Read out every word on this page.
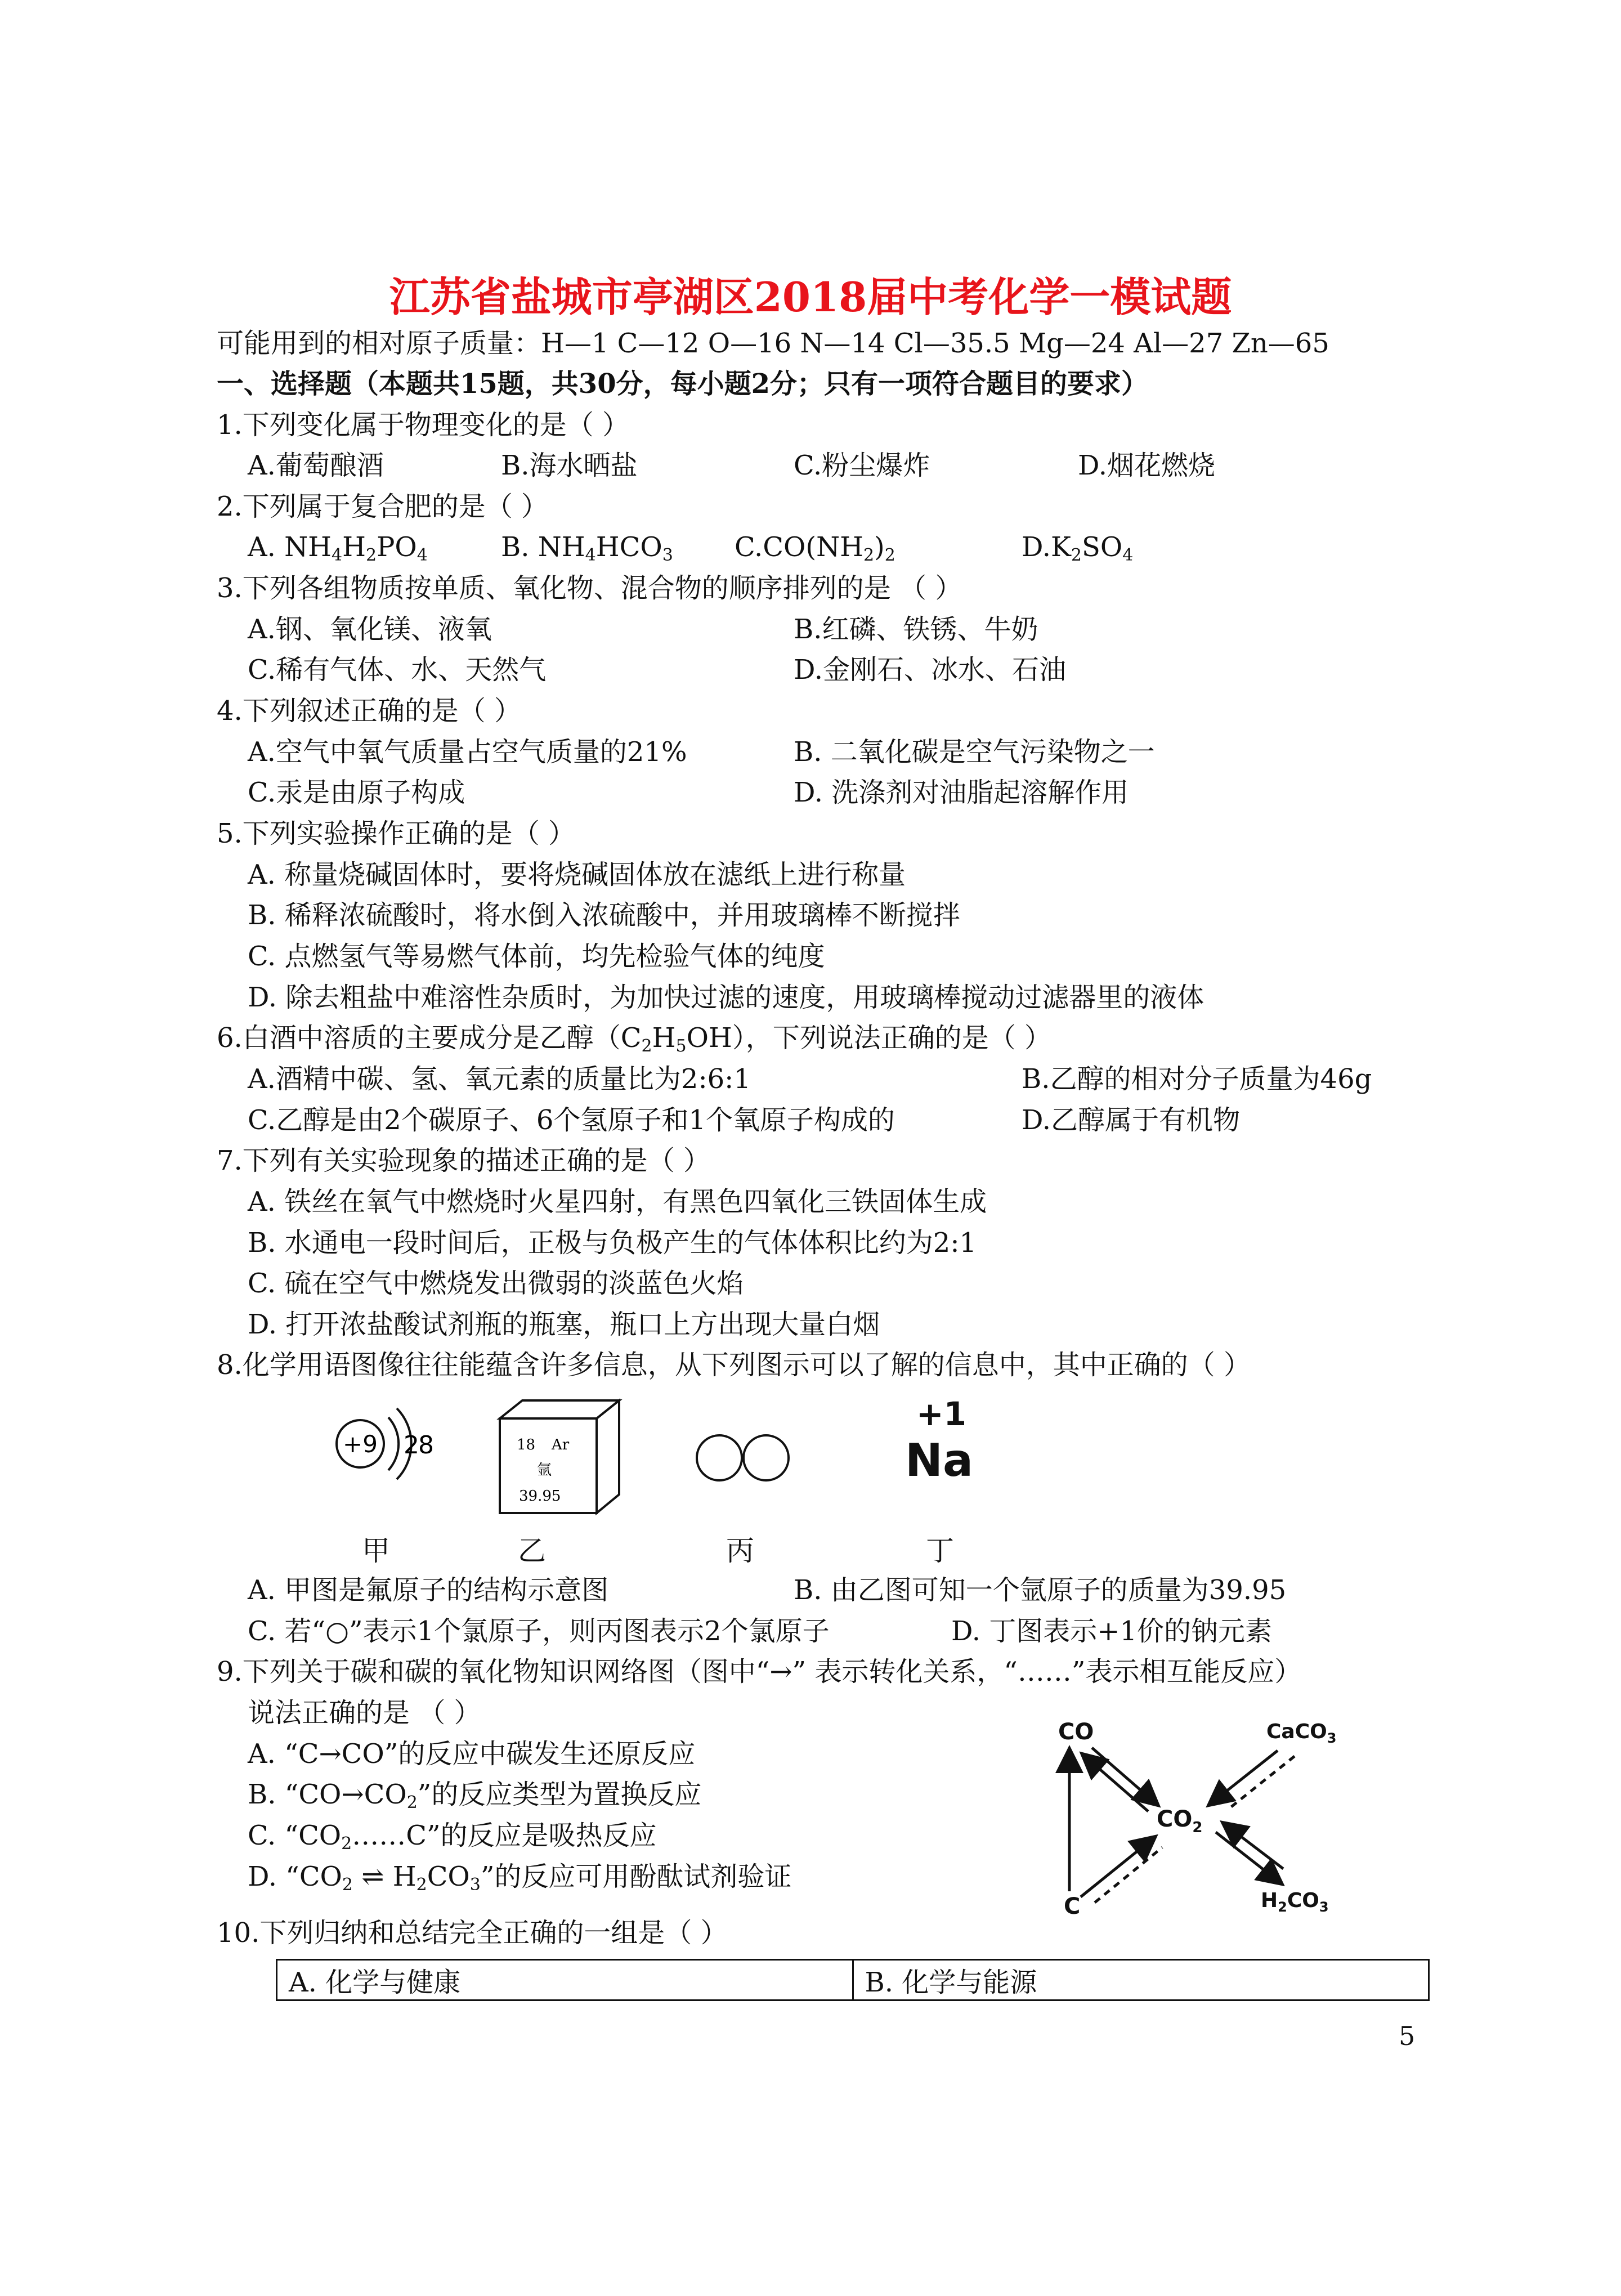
江苏省盐城市亭湖区2018届中考化学一模试题
可能用到的相对原子质量：H—1 C—12 O—16 N—14 Cl—35.5 Mg—24 Al—27 Zn—65
一、选择题（本题共15题，共30分，每小题2分；只有一项符合题目的要求）
1.下列变化属于物理变化的是（ ）
A.葡萄酿酒	B.海水晒盐	C.粉尘爆炸	D.烟花燃烧
2.下列属于复合肥的是（ ）
A. $NH_4H_2PO_4$	B. $NH_4HCO_3$ $C.CO(NH_2)_2$	$D.K_2SO_4$
3.下列各组物质按单质、氧化物、混合物的顺序排列的是 （ ）
A.钢、氧化镁、液氧	B.红磷、铁锈、牛奶
C.稀有气体、水、天然气	D.金刚石、冰水、石油
4.下列叙述正确的是（ ）
A.空气中氧气质量占空气质量的21%	B. 二氧化碳是空气污染物之一
C.汞是由原子构成	D. 洗涤剂对油脂起溶解作用
5.下列实验操作正确的是（ ）
A. 称量烧碱固体时，要将烧碱固体放在滤纸上进行称量
B. 稀释浓硫酸时，将水倒入浓硫酸中，并用玻璃棒不断搅拌
C. 点燃氢气等易燃气体前，均先检验气体的纯度
D. 除去粗盐中难溶性杂质时，为加快过滤的速度，用玻璃棒搅动过滤器里的液体
6.白酒中溶质的主要成分是乙醇$(C_2H_5OH)$，下列说法正确的是（ ）
A.酒精中碳、氢、氧元素的质量比为2:6:1	B.乙醇的相对分子质量为46g
C.乙醇是由2个碳原子、6个氢原子和1个氧原子构成的	D.乙醇属于有机物
7.下列有关实验现象的描述正确的是（ ）
A. 铁丝在氧气中燃烧时火星四射，有黑色四氧化三铁固体生成
B. 水通电一段时间后，正极与负极产生的气体体积比约为2:1
C. 硫在空气中燃烧发出微弱的淡蓝色火焰
D. 打开浓盐酸试剂瓶的瓶塞，瓶口上方出现大量白烟
8.化学用语图像往往能蕴含许多信息，从下列图示可以了解的信息中，其中正确的（ ）
+9 2 8
甲
18 Ar
氩
39.95
乙	丙
+1
Na
丁
A. 甲图是氟原子的结构示意图	B. 由乙图可知一个氩原子的质量为39.95
C. 若“○”表示1个氯原子，则丙图表示2个氯原子	D. 丁图表示+1价的钠元素
9.下列关于碳和碳的氧化物知识网络图（图中“→” 表示转化关系，“……”表示相互能反应）
说法正确的是 （ ）
A. “C→CO”的反应中碳发生还原反应
B. “$CO\to CO_2$”的反应类型为置换反应
C. “$CO_2\dots\dots C$”的反应是吸热反应
D. “$CO_2$ ⇌ $H_2CO_3$”的反应可用酚酞试剂验证
CO	CaCO$_3$
$CO_2$
C	$H_2CO_3$
10.下列归纳和总结完全正确的一组是（ ）
A. 化学与健康	B. 化学与能源
5
